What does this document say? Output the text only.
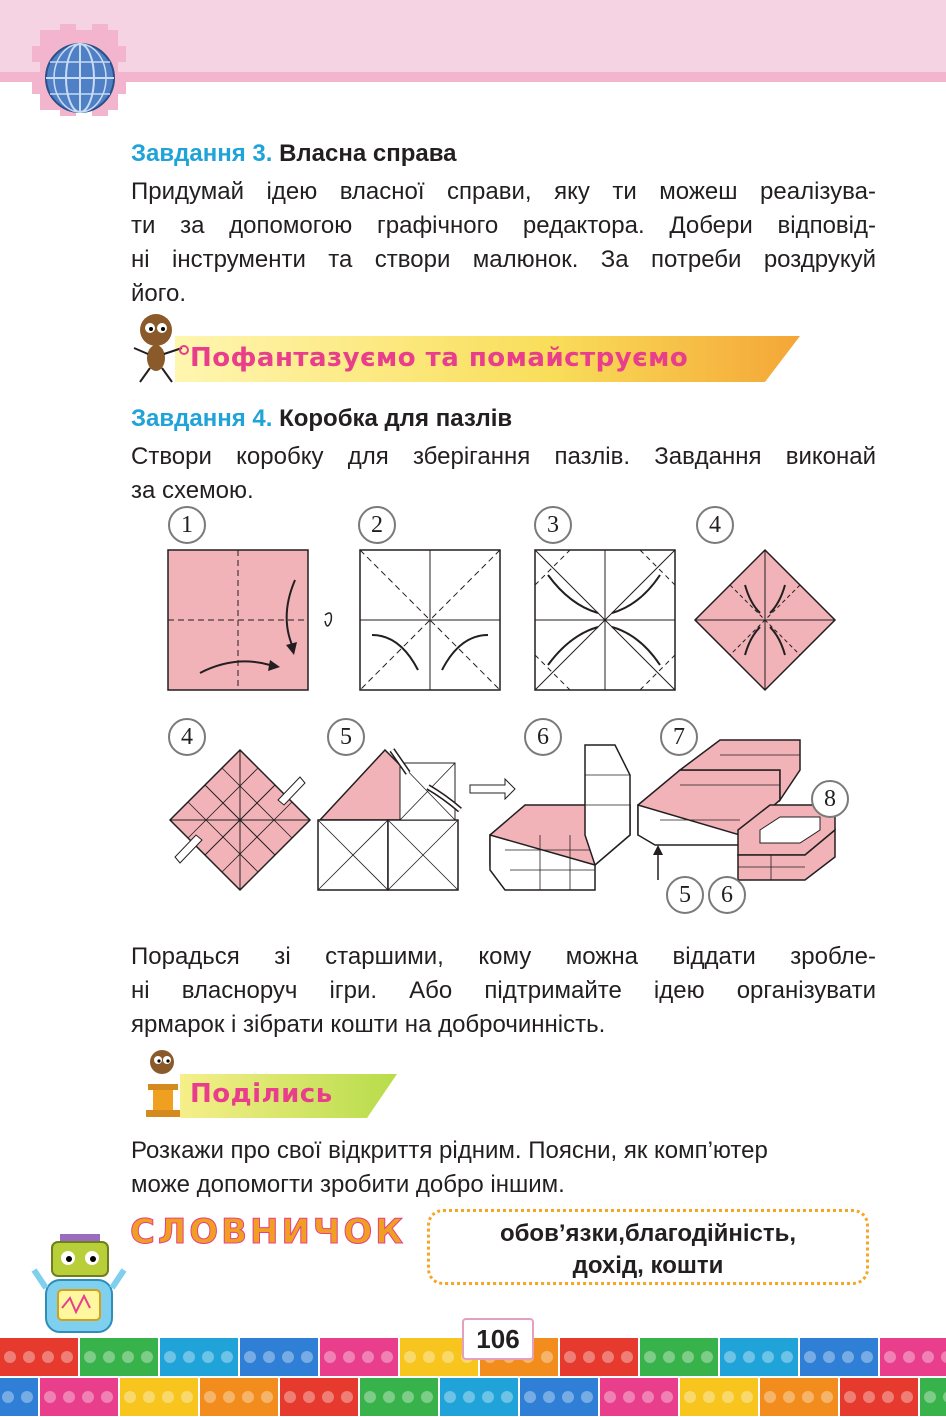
Завдання 3. Власна справа
Придумай ідею власної справи, яку ти можеш реалізува-
ти за допомогою графічного редактора. Добери відповід-
ні інструменти та створи малюнок. За потреби роздрукуй
його.
Пофантазуємо та помайструємо
Завдання 4. Коробка для пазлів
Створи коробку для зберігання пазлів. Завдання виконай
за схемою.
1	2	3	4
4	5	6	7
8
5	6
Порадься зі старшими, кому можна віддати зробле-
ні власноруч ігри. Або підтримайте ідею організувати
ярмарок і зібрати кошти на доброчинність.
Поділись
Розкажи про свої відкриття рідним. Поясни, як комп’ютер
може допомогти зробити добро іншим.
СЛОВНИЧОК	обов’язки,благодійність,
дохід, кошти
106
